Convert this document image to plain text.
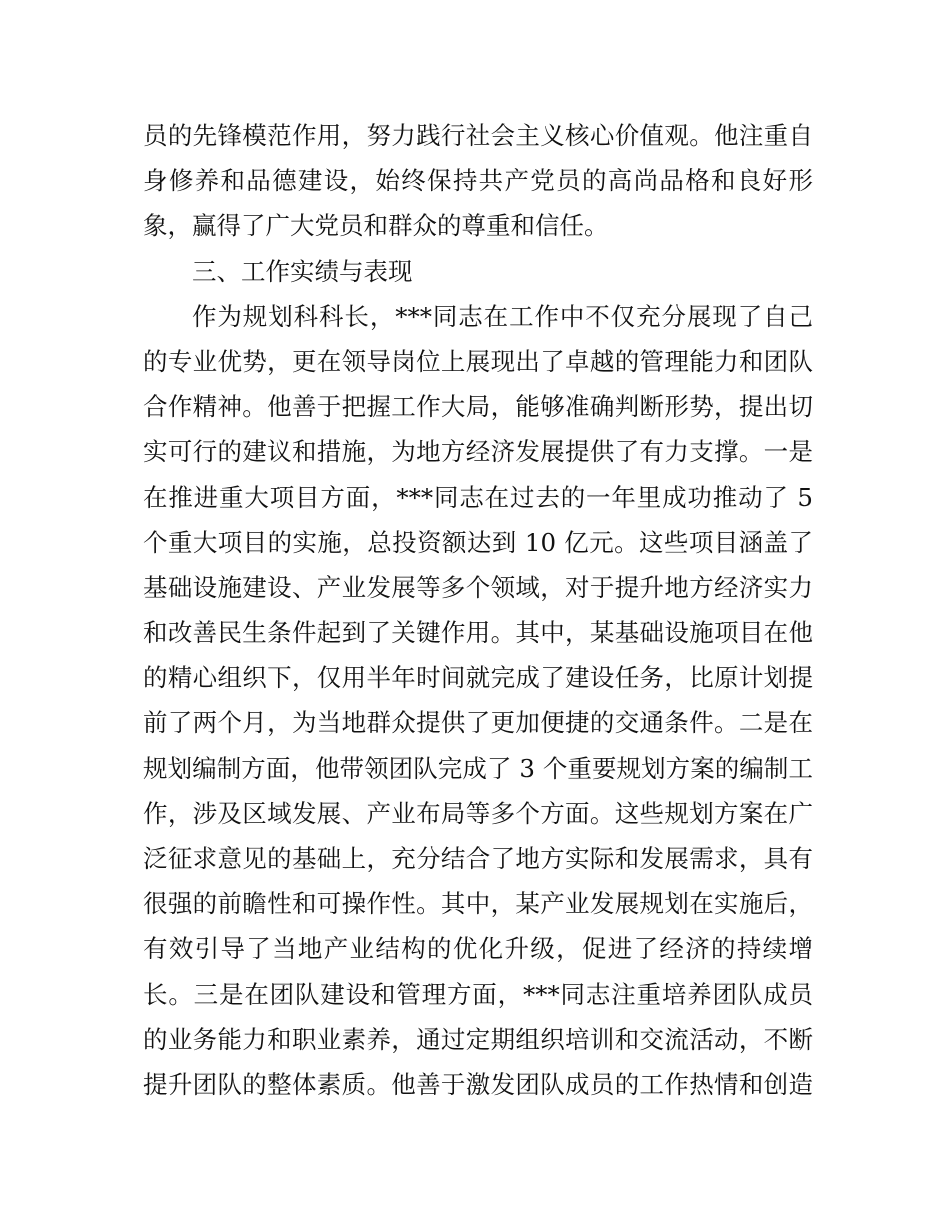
员的先锋模范作用，努力践行社会主义核心价值观。他注重自
身修养和品德建设，始终保持共产党员的高尚品格和良好形
象，赢得了广大党员和群众的尊重和信任。
三、工作实绩与表现
作为规划科科长，***同志在工作中不仅充分展现了自己
的专业优势，更在领导岗位上展现出了卓越的管理能力和团队
合作精神。他善于把握工作大局，能够准确判断形势，提出切
实可行的建议和措施，为地方经济发展提供了有力支撑。一是
在推进重大项目方面，***同志在过去的一年里成功推动了 5
个重大项目的实施，总投资额达到 10 亿元。这些项目涵盖了
基础设施建设、产业发展等多个领域，对于提升地方经济实力
和改善民生条件起到了关键作用。其中，某基础设施项目在他
的精心组织下，仅用半年时间就完成了建设任务，比原计划提
前了两个月，为当地群众提供了更加便捷的交通条件。二是在
规划编制方面，他带领团队完成了 3 个重要规划方案的编制工
作，涉及区域发展、产业布局等多个方面。这些规划方案在广
泛征求意见的基础上，充分结合了地方实际和发展需求，具有
很强的前瞻性和可操作性。其中，某产业发展规划在实施后，
有效引导了当地产业结构的优化升级，促进了经济的持续增
长。三是在团队建设和管理方面，***同志注重培养团队成员
的业务能力和职业素养，通过定期组织培训和交流活动，不断
提升团队的整体素质。他善于激发团队成员的工作热情和创造
